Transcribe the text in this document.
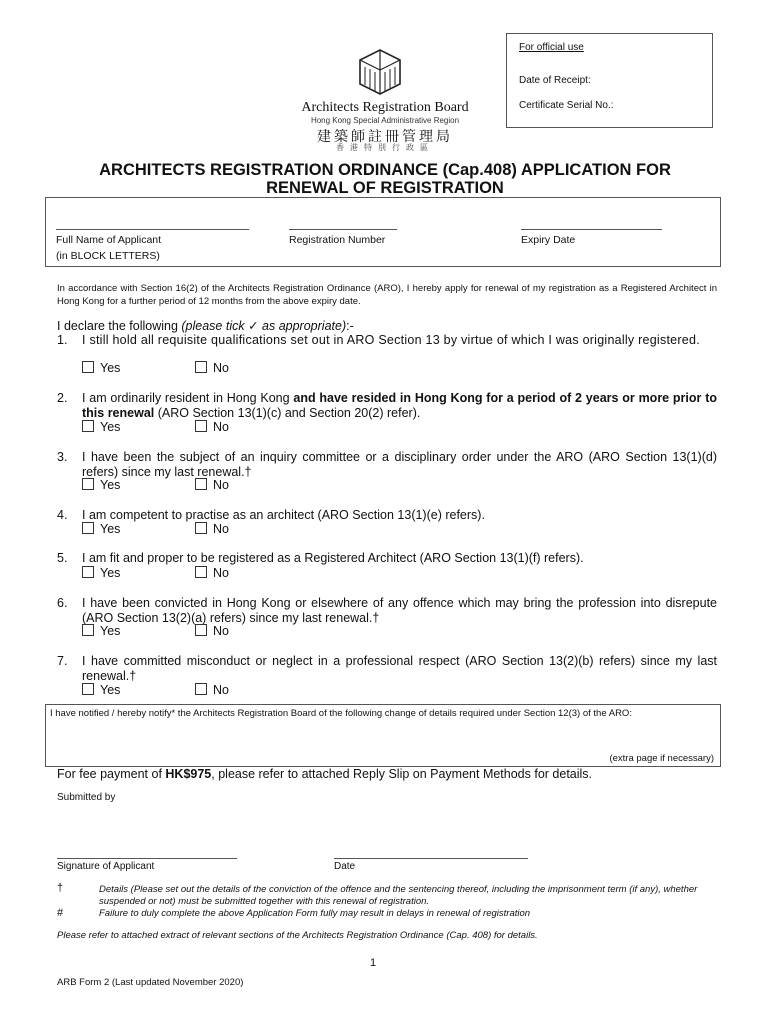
For official use
Date of Receipt:
Certificate Serial No.:
Architects Registration Board
Hong Kong Special Administrative Region
建築師註冊管理局
香港特別行政區
ARCHITECTS REGISTRATION ORDINANCE (Cap.408) APPLICATION FOR
RENEWAL OF REGISTRATION
Full Name of Applicant
(in BLOCK LETTERS)
Registration Number	Expiry Date
In accordance with Section 16(2) of the Architects Registration Ordinance (ARO), I hereby apply for renewal of my registration as a Registered Architect in Hong Kong for a further period of 12 months from the above expiry date.
I declare the following (please tick ✓ as appropriate):-
1. I still hold all requisite qualifications set out in ARO Section 13 by virtue of which I was originally registered.
Yes	No
2. I am ordinarily resident in Hong Kong and have resided in Hong Kong for a period of 2 years or more prior to this renewal (ARO Section 13(1)(c) and Section 20(2) refer).
Yes	No
3. I have been the subject of an inquiry committee or a disciplinary order under the ARO (ARO Section 13(1)(d) refers) since my last renewal.†
Yes	No
4. I am competent to practise as an architect (ARO Section 13(1)(e) refers).
Yes	No
5. I am fit and proper to be registered as a Registered Architect (ARO Section 13(1)(f) refers).
Yes	No
6. I have been convicted in Hong Kong or elsewhere of any offence which may bring the profession into disrepute (ARO Section 13(2)(a) refers) since my last renewal.†
Yes	No
7. I have committed misconduct or neglect in a professional respect (ARO Section 13(2)(b) refers) since my last renewal.†
Yes	No
I have notified / hereby notify* the Architects Registration Board of the following change of details required under Section 12(3) of the ARO:
(extra page if necessary)
For fee payment of HK$975, please refer to attached Reply Slip on Payment Methods for details.
Submitted by
Signature of Applicant	Date
†	Details (Please set out the details of the conviction of the offence and the sentencing thereof, including the imprisonment term (if any), whether suspended or not) must be submitted together with this renewal of registration.
#	Failure to duly complete the above Application Form fully may result in delays in renewal of registration
Please refer to attached extract of relevant sections of the Architects Registration Ordinance (Cap. 408) for details.
1
ARB Form 2 (Last updated November 2020)
